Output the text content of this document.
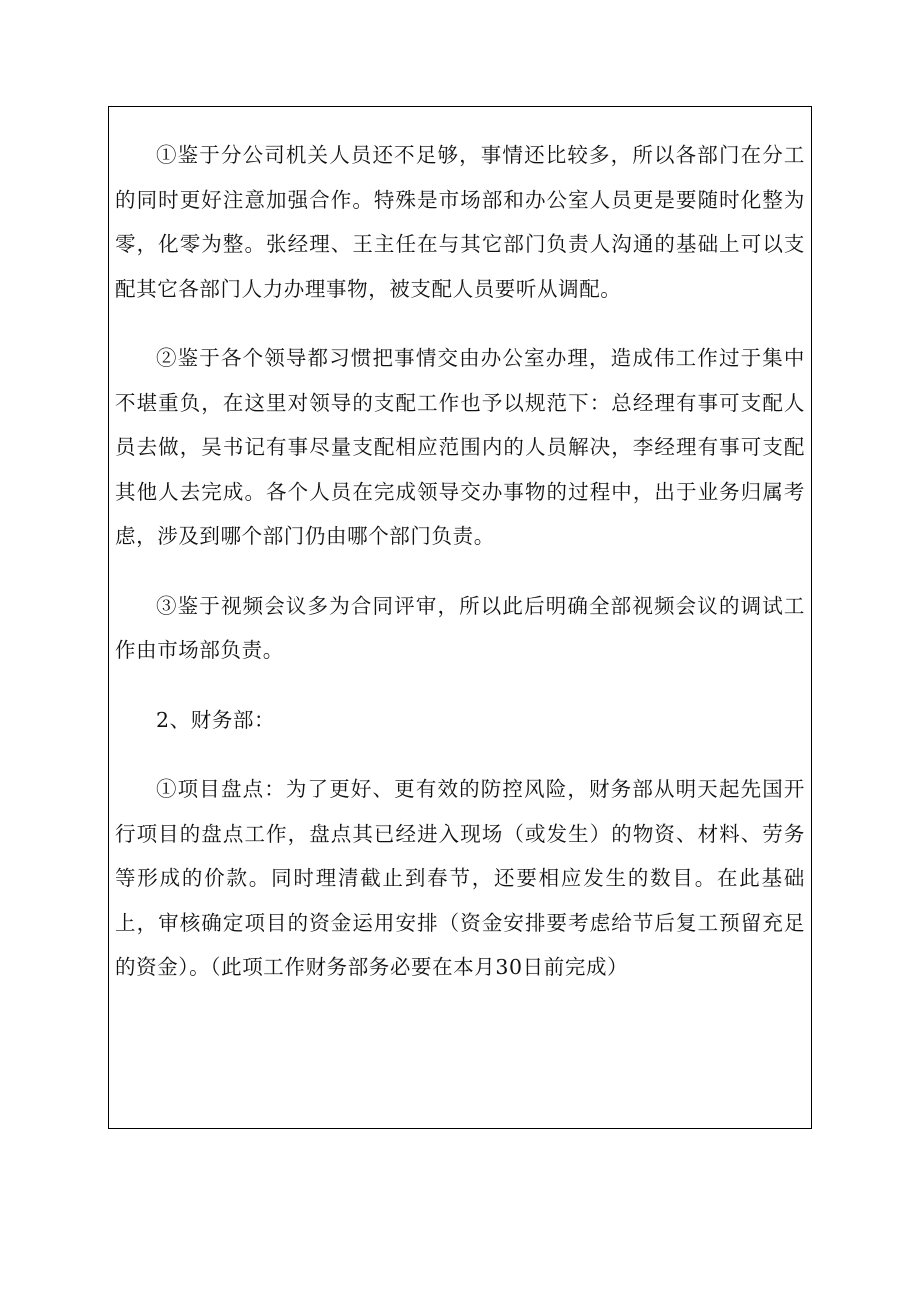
①鉴于分公司机关人员还不足够，事情还比较多，所以各部门在分工的同时更好注意加强合作。特殊是市场部和办公室人员更是要随时化整为零，化零为整。张经理、王主任在与其它部门负责人沟通的基础上可以支配其它各部门人力办理事物，被支配人员要听从调配。

②鉴于各个领导都习惯把事情交由办公室办理，造成伟工作过于集中不堪重负，在这里对领导的支配工作也予以规范下：总经理有事可支配人员去做，吴书记有事尽量支配相应范围内的人员解决，李经理有事可支配其他人去完成。各个人员在完成领导交办事物的过程中，出于业务归属考虑，涉及到哪个部门仍由哪个部门负责。

③鉴于视频会议多为合同评审，所以此后明确全部视频会议的调试工作由市场部负责。

2、财务部：

①项目盘点：为了更好、更有效的防控风险，财务部从明天起先国开行项目的盘点工作，盘点其已经进入现场（或发生）的物资、材料、劳务等形成的价款。同时理清截止到春节，还要相应发生的数目。在此基础上，审核确定项目的资金运用安排（资金安排要考虑给节后复工预留充足的资金）。（此项工作财务部务必要在本月30日前完成）
